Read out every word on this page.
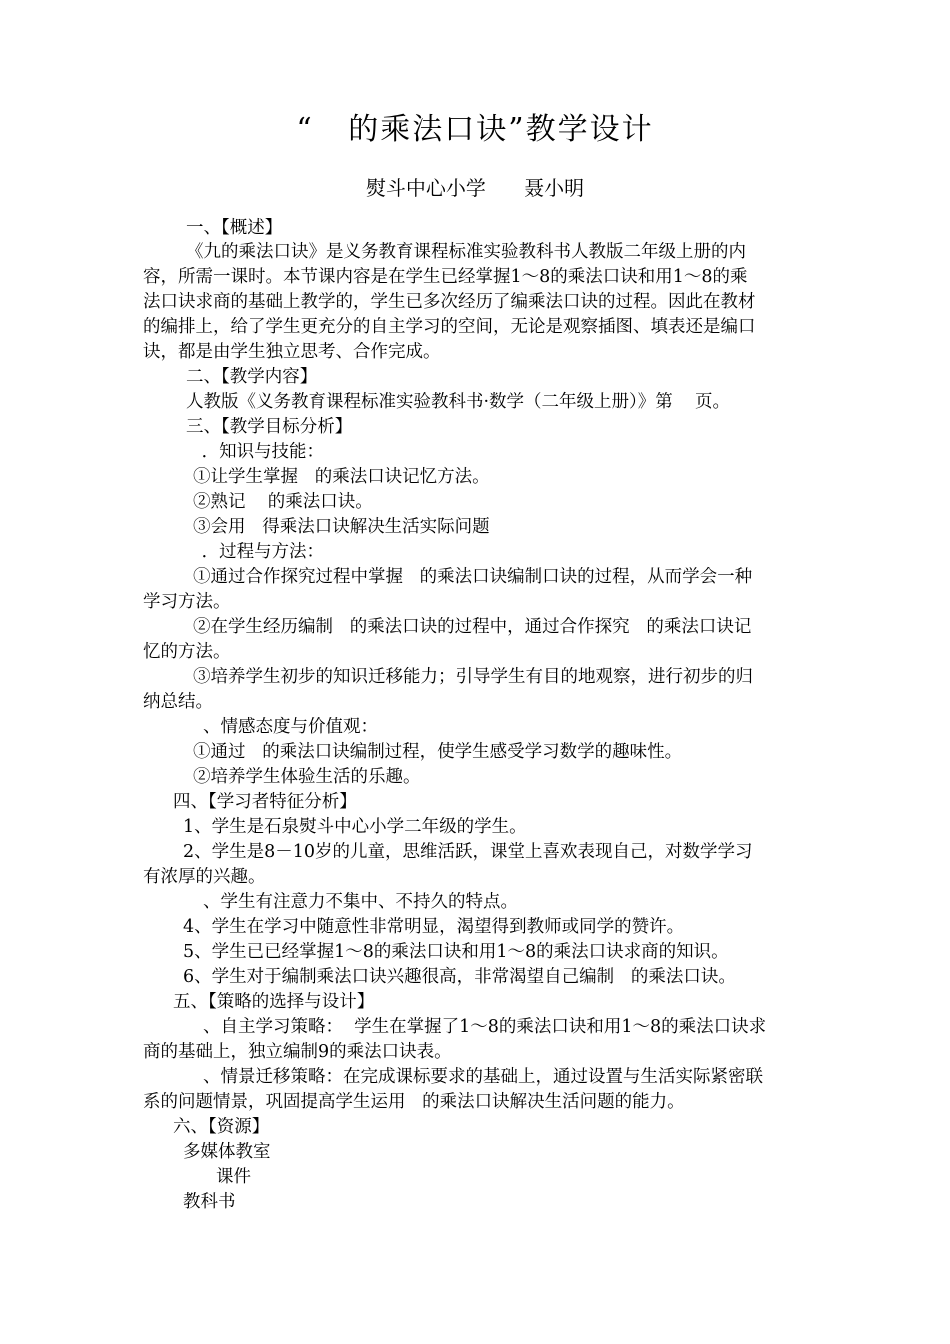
“   的乘法口诀”教学设计
熨斗中心小学      聂小明
一、【概述】
《九的乘法口诀》是义务教育课程标准实验教科书人教版二年级上册的内
容，所需一课时。本节课内容是在学生已经掌握1～8的乘法口诀和用1～8的乘
法口诀求商的基础上教学的，学生已多次经历了编乘法口诀的过程。因此在教材
的编排上，给了学生更充分的自主学习的空间，无论是观察插图、填表还是编口
诀，都是由学生独立思考、合作完成。
二、【教学内容】
人教版《义务教育课程标准实验教科书·数学（二年级上册）》第    页。
三、【教学目标分析】
．知识与技能：
①让学生掌握   的乘法口诀记忆方法。
②熟记    的乘法口诀。
③会用   得乘法口诀解决生活实际问题
．过程与方法：
①通过合作探究过程中掌握   的乘法口诀编制口诀的过程，从而学会一种
学习方法。
②在学生经历编制   的乘法口诀的过程中，通过合作探究   的乘法口诀记
忆的方法。
③培养学生初步的知识迁移能力；引导学生有目的地观察，进行初步的归
纳总结。
、情感态度与价值观：
①通过   的乘法口诀编制过程，使学生感受学习数学的趣味性。
②培养学生体验生活的乐趣。
四、【学习者特征分析】
1、学生是石泉熨斗中心小学二年级的学生。
2、学生是8－10岁的儿童，思维活跃，课堂上喜欢表现自己，对数学学习
有浓厚的兴趣。
、学生有注意力不集中、不持久的特点。
4、学生在学习中随意性非常明显，渴望得到教师或同学的赞许。
5、学生已已经掌握1～8的乘法口诀和用1～8的乘法口诀求商的知识。
6、学生对于编制乘法口诀兴趣很高，非常渴望自己编制   的乘法口诀。
五、【策略的选择与设计】
、自主学习策略：  学生在掌握了1～8的乘法口诀和用1～8的乘法口诀求
商的基础上，独立编制9的乘法口诀表。
、情景迁移策略：在完成课标要求的基础上，通过设置与生活实际紧密联
系的问题情景，巩固提高学生运用   的乘法口诀解决生活问题的能力。
六、【资源】
多媒体教室
课件
教科书
